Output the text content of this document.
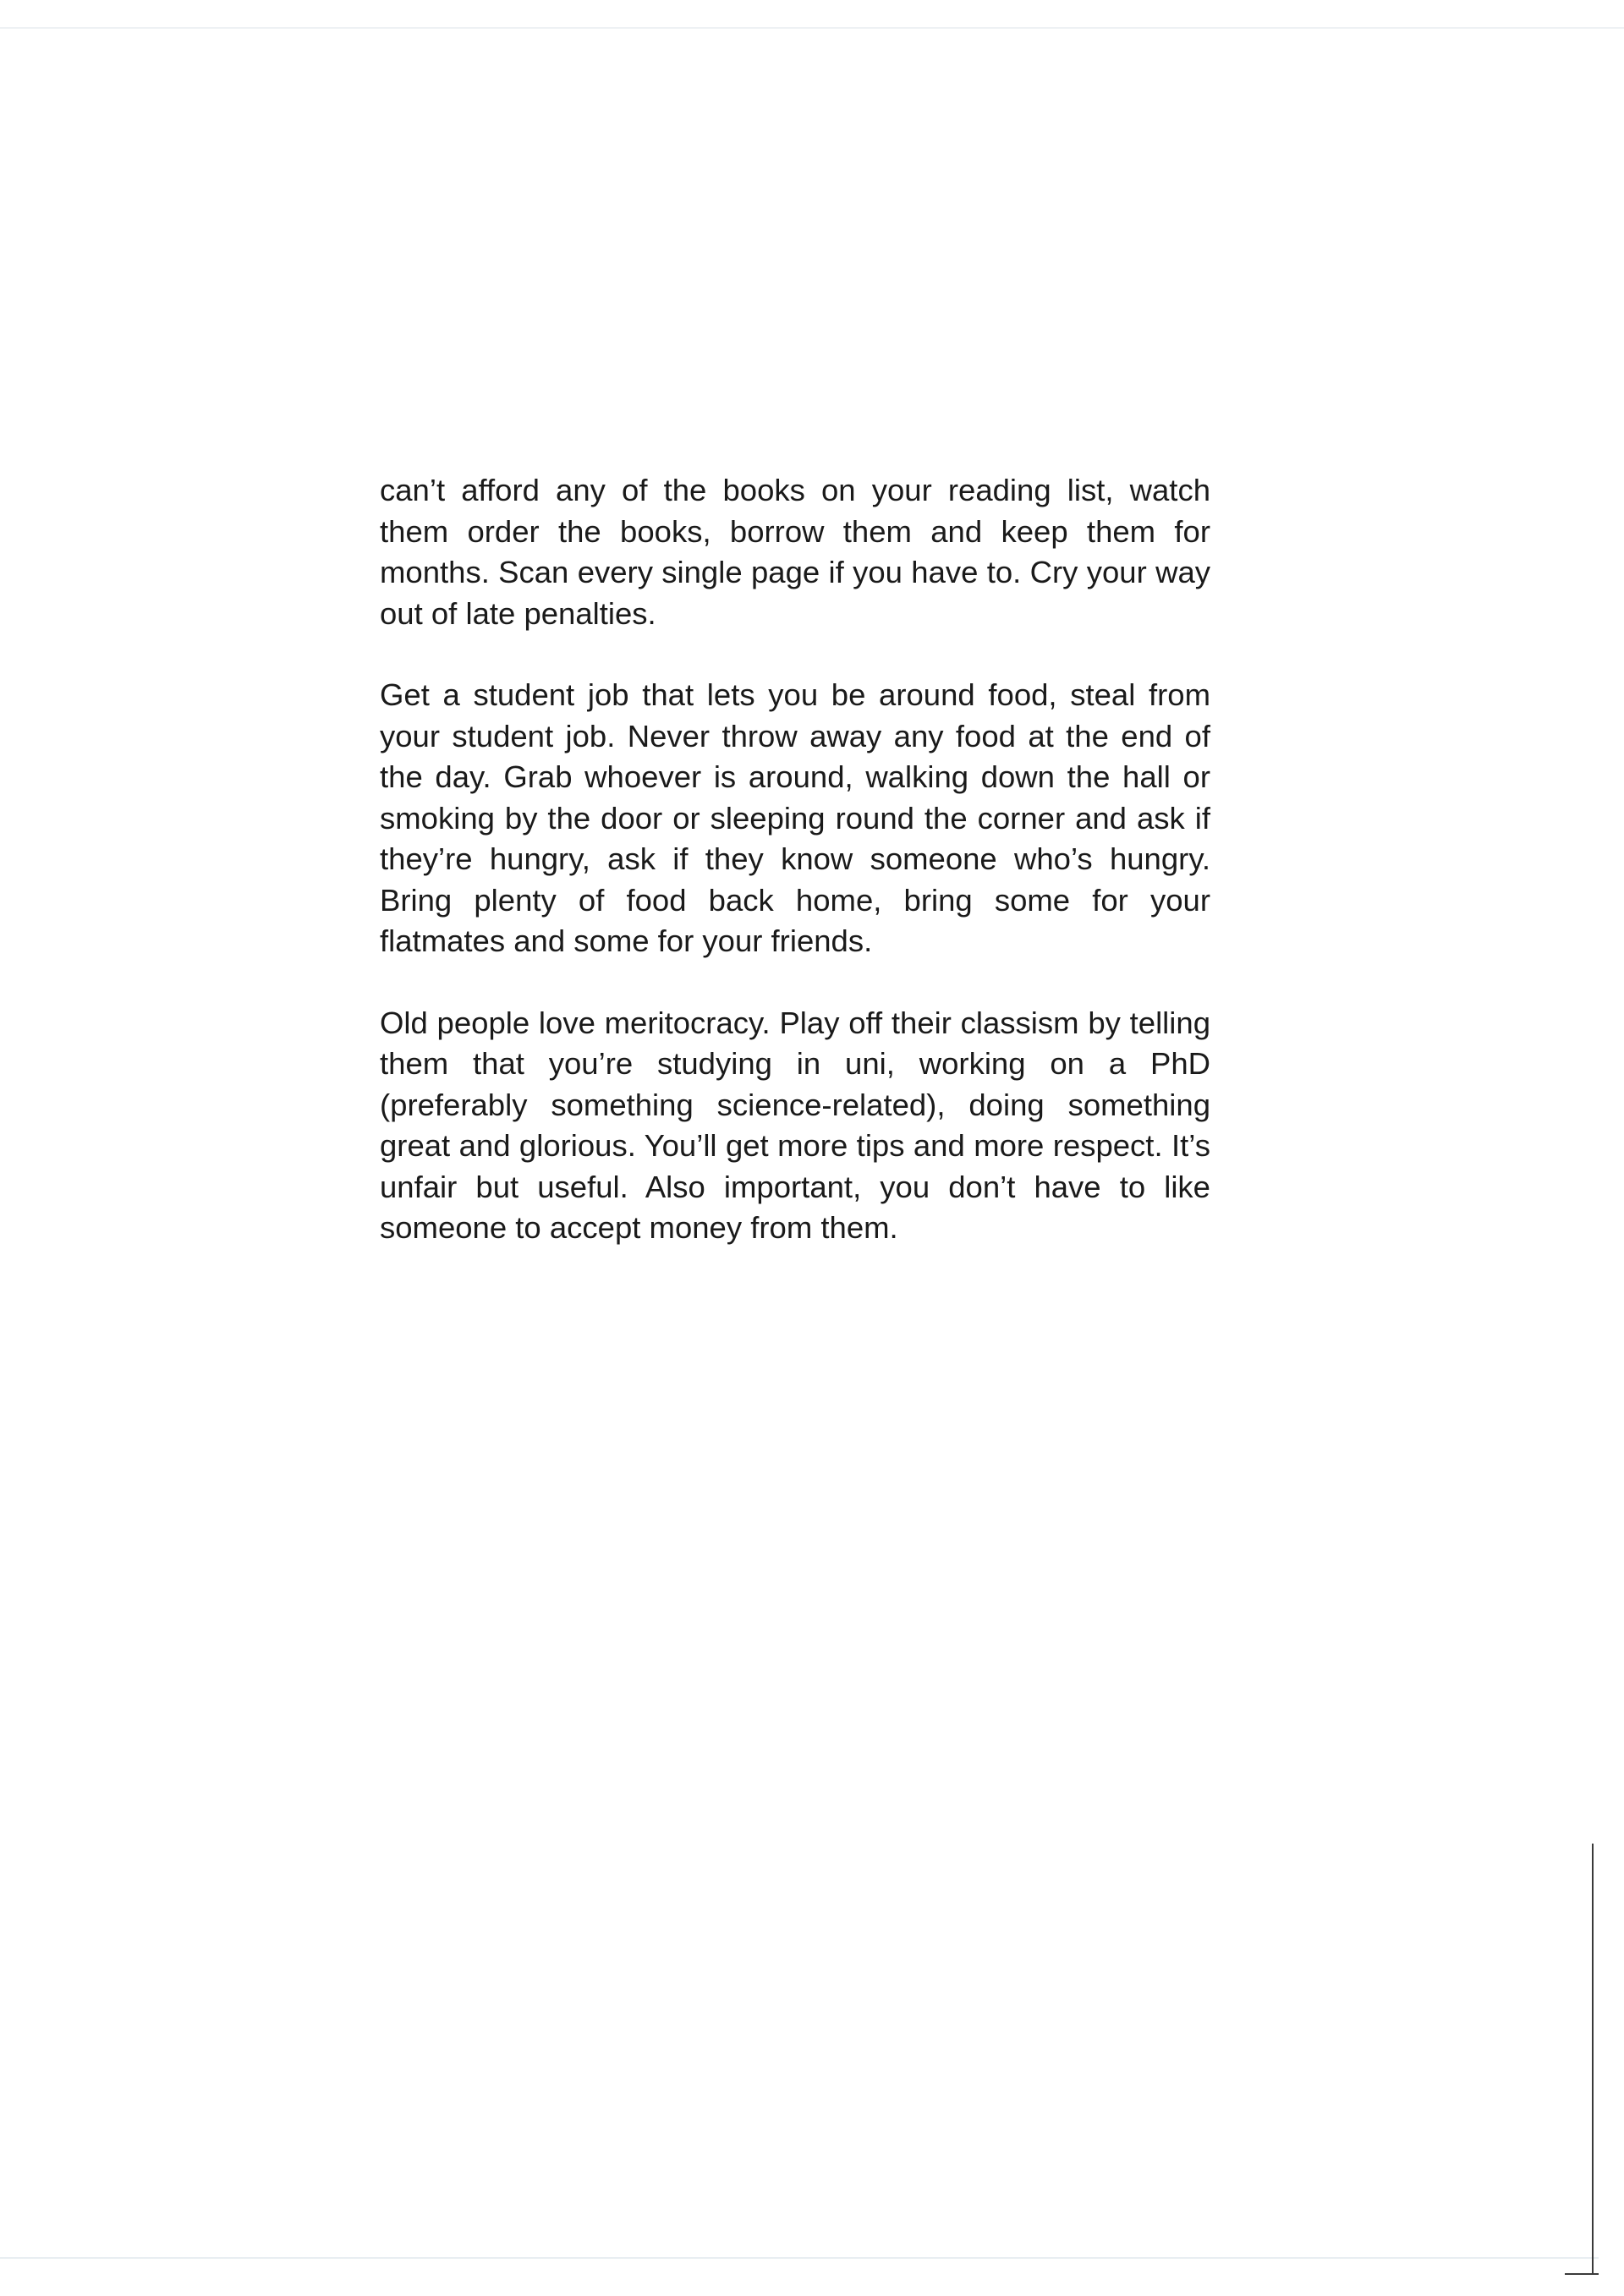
can’t afford any of the books on your reading list, watch them order the books, borrow them and keep them for months. Scan every single page if you have to. Cry your way out of late penalties.

Get a student job that lets you be around food, steal from your student job. Never throw away any food at the end of the day. Grab whoever is around, walking down the hall or smoking by the door or sleeping round the corner and ask if they’re hungry, ask if they know someone who’s hungry. Bring plenty of food back home, bring some for your flatmates and some for your friends.

Old people love meritocracy. Play off their classism by telling them that you’re studying in uni, working on a PhD (preferably something science-related), doing something great and glorious. You’ll get more tips and more respect. It’s unfair but useful. Also important, you don’t have to like someone to accept money from them.
